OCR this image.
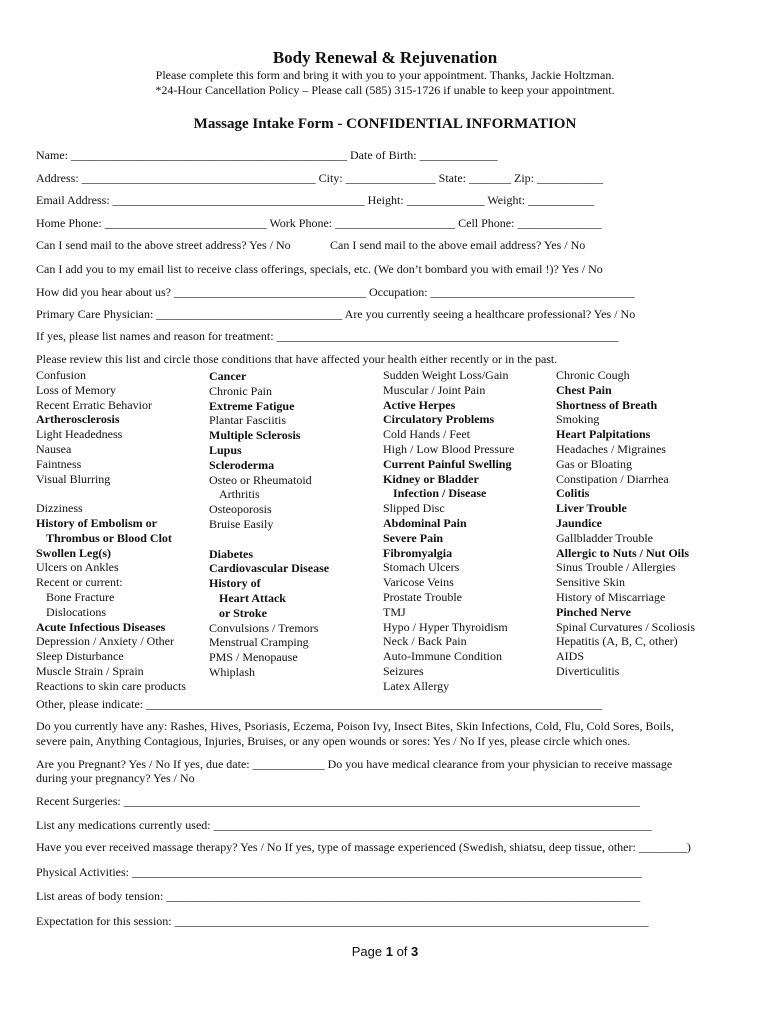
Body Renewal & Rejuvenation
Please complete this form and bring it with you to your appointment. Thanks, Jackie Holtzman.
*24-Hour Cancellation Policy – Please call (585) 315-1726 if unable to keep your appointment.
Massage Intake Form - CONFIDENTIAL INFORMATION
Name: ______________________________________________ Date of Birth: _____________
Address: _______________________________________ City: _______________ State: _______ Zip: ___________
Email Address: __________________________________________ Height: _____________ Weight: ___________
Home Phone: ___________________________ Work Phone: ____________________ Cell Phone: ______________
Can I send mail to the above street address? Yes / No	Can I send mail to the above email address? Yes / No
Can I add you to my email list to receive class offerings, specials, etc. (We don’t bombard you with email !)? Yes / No
How did you hear about us? ________________________________ Occupation: __________________________________
Primary Care Physician: _______________________________ Are you currently seeing a healthcare professional? Yes / No
If yes, please list names and reason for treatment: _________________________________________________________
Please review this list and circle those conditions that have affected your health either recently or in the past.
Confusion
Loss of Memory
Recent Erratic Behavior
Artherosclerosis
Light Headedness
Nausea
Faintness
Visual Blurring
Dizziness
History of Embolism or
Thrombus or Blood Clot
Swollen Leg(s)
Ulcers on Ankles
Recent or current:
Bone Fracture
Dislocations
Acute Infectious Diseases
Depression / Anxiety / Other
Sleep Disturbance
Muscle Strain / Sprain
Reactions to skin care products
Cancer
Chronic Pain
Extreme Fatigue
Plantar Fasciitis
Multiple Sclerosis
Lupus
Scleroderma
Osteo or Rheumatoid
Arthritis
Osteoporosis
Bruise Easily
Diabetes
Cardiovascular Disease
History of
Heart Attack
or Stroke
Convulsions / Tremors
Menstrual Cramping
PMS / Menopause
Whiplash
Sudden Weight Loss/Gain
Muscular / Joint Pain
Active Herpes
Circulatory Problems
Cold Hands / Feet
High / Low Blood Pressure
Current Painful Swelling
Kidney or Bladder
Infection / Disease
Slipped Disc
Abdominal Pain
Severe Pain
Fibromyalgia
Stomach Ulcers
Varicose Veins
Prostate Trouble
TMJ
Hypo / Hyper Thyroidism
Neck / Back Pain
Auto-Immune Condition
Seizures
Latex Allergy
Chronic Cough
Chest Pain
Shortness of Breath
Smoking
Heart Palpitations
Headaches / Migraines
Gas or Bloating
Constipation / Diarrhea
Colitis
Liver Trouble
Jaundice
Gallbladder Trouble
Allergic to Nuts / Nut Oils
Sinus Trouble / Allergies
Sensitive Skin
History of Miscarriage
Pinched Nerve
Spinal Curvatures / Scoliosis
Hepatitis (A, B, C, other)
AIDS
Diverticulitis
Other, please indicate: ____________________________________________________________________________
Do you currently have any: Rashes, Hives, Psoriasis, Eczema, Poison Ivy, Insect Bites, Skin Infections, Cold, Flu, Cold Sores, Boils,
severe pain, Anything Contagious, Injuries, Bruises, or any open wounds or sores: Yes / No If yes, please circle which ones.
Are you Pregnant? Yes / No If yes, due date: ____________ Do you have medical clearance from your physician to receive massage
during your pregnancy? Yes / No
Recent Surgeries: ______________________________________________________________________________________
List any medications currently used: _________________________________________________________________________
Have you ever received massage therapy? Yes / No If yes, type of massage experienced (Swedish, shiatsu, deep tissue, other: ________)
Physical Activities: _____________________________________________________________________________________
List areas of body tension: _______________________________________________________________________________
Expectation for this session: _______________________________________________________________________________
Page 1 of 3
